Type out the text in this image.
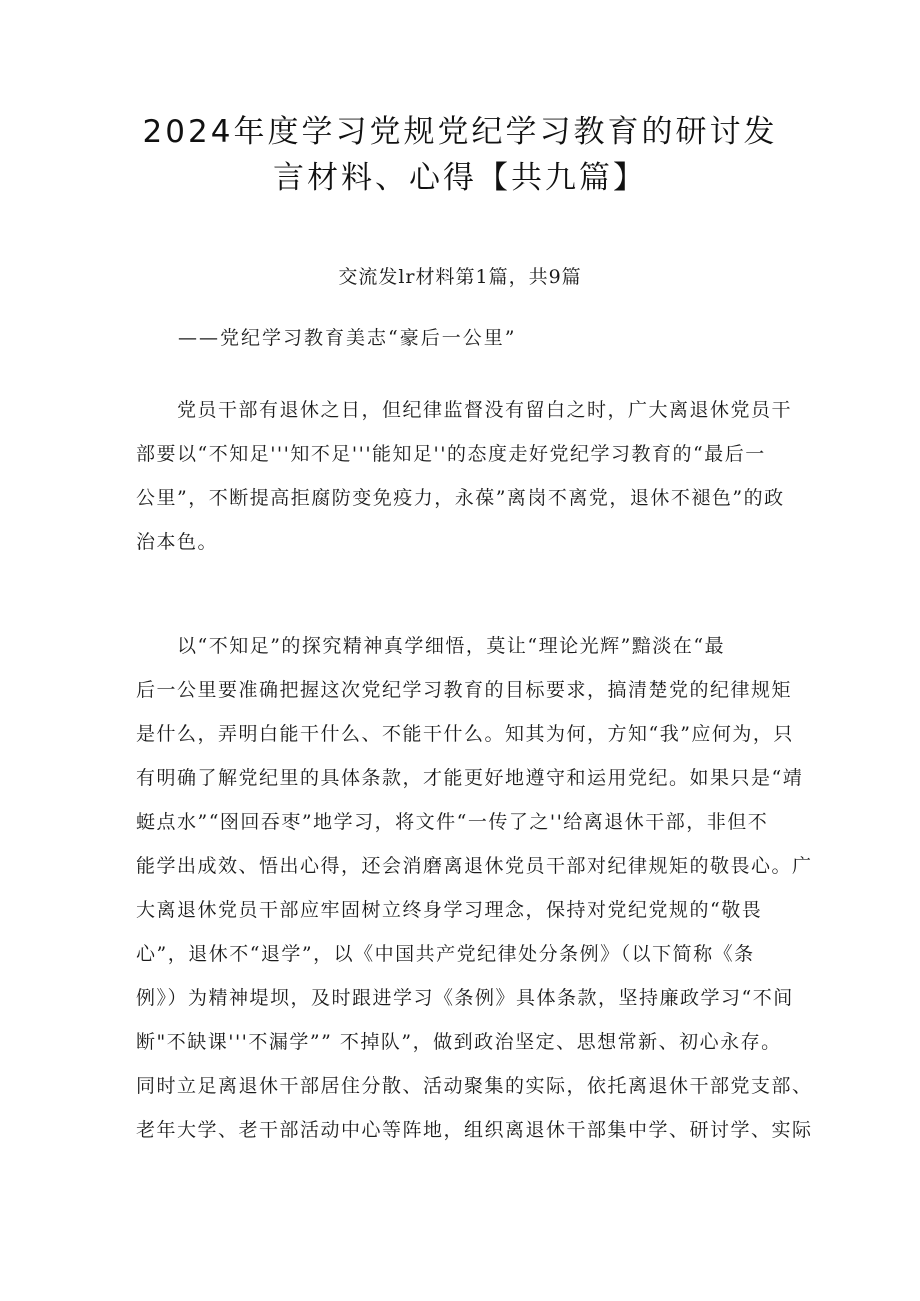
2024年度学习党规党纪学习教育的研讨发
言材料、心得【共九篇】
交流发lr材料第1篇，共9篇
——党纪学习教育美志“豪后一公里”
　　党员干部有退休之日，但纪律监督没有留白之时，广大离退休党员干
部要以“不知足'''知不足'''能知足''的态度走好党纪学习教育的“最后一
公里”，不断提高拒腐防变免疫力，永葆”离岗不离党，退休不褪色”的政
治本色。
　　以“不知足”的探究精神真学细悟，莫让“理论光辉”黯淡在“最
后一公里要准确把握这次党纪学习教育的目标要求，搞清楚党的纪律规矩
是什么，弄明白能干什么、不能干什么。知其为何，方知“我”应何为，只
有明确了解党纪里的具体条款，才能更好地遵守和运用党纪。如果只是“靖
蜓点水”“囹回吞枣”地学习，将文件“一传了之''给离退休干部，非但不
能学出成效、悟出心得，还会消磨离退休党员干部对纪律规矩的敬畏心。广
大离退休党员干部应牢固树立终身学习理念，保持对党纪党规的“敬畏
心”，退休不“退学”，以《中国共产党纪律处分条例》（以下简称《条
例》）为精神堤坝，及时跟进学习《条例》具体条款，坚持廉政学习“不间
断"不缺课'''不漏学”” 不掉队”，做到政治坚定、思想常新、初心永存。
同时立足离退休干部居住分散、活动聚集的实际，依托离退休干部党支部、
老年大学、老干部活动中心等阵地，组织离退休干部集中学、研讨学、实际
